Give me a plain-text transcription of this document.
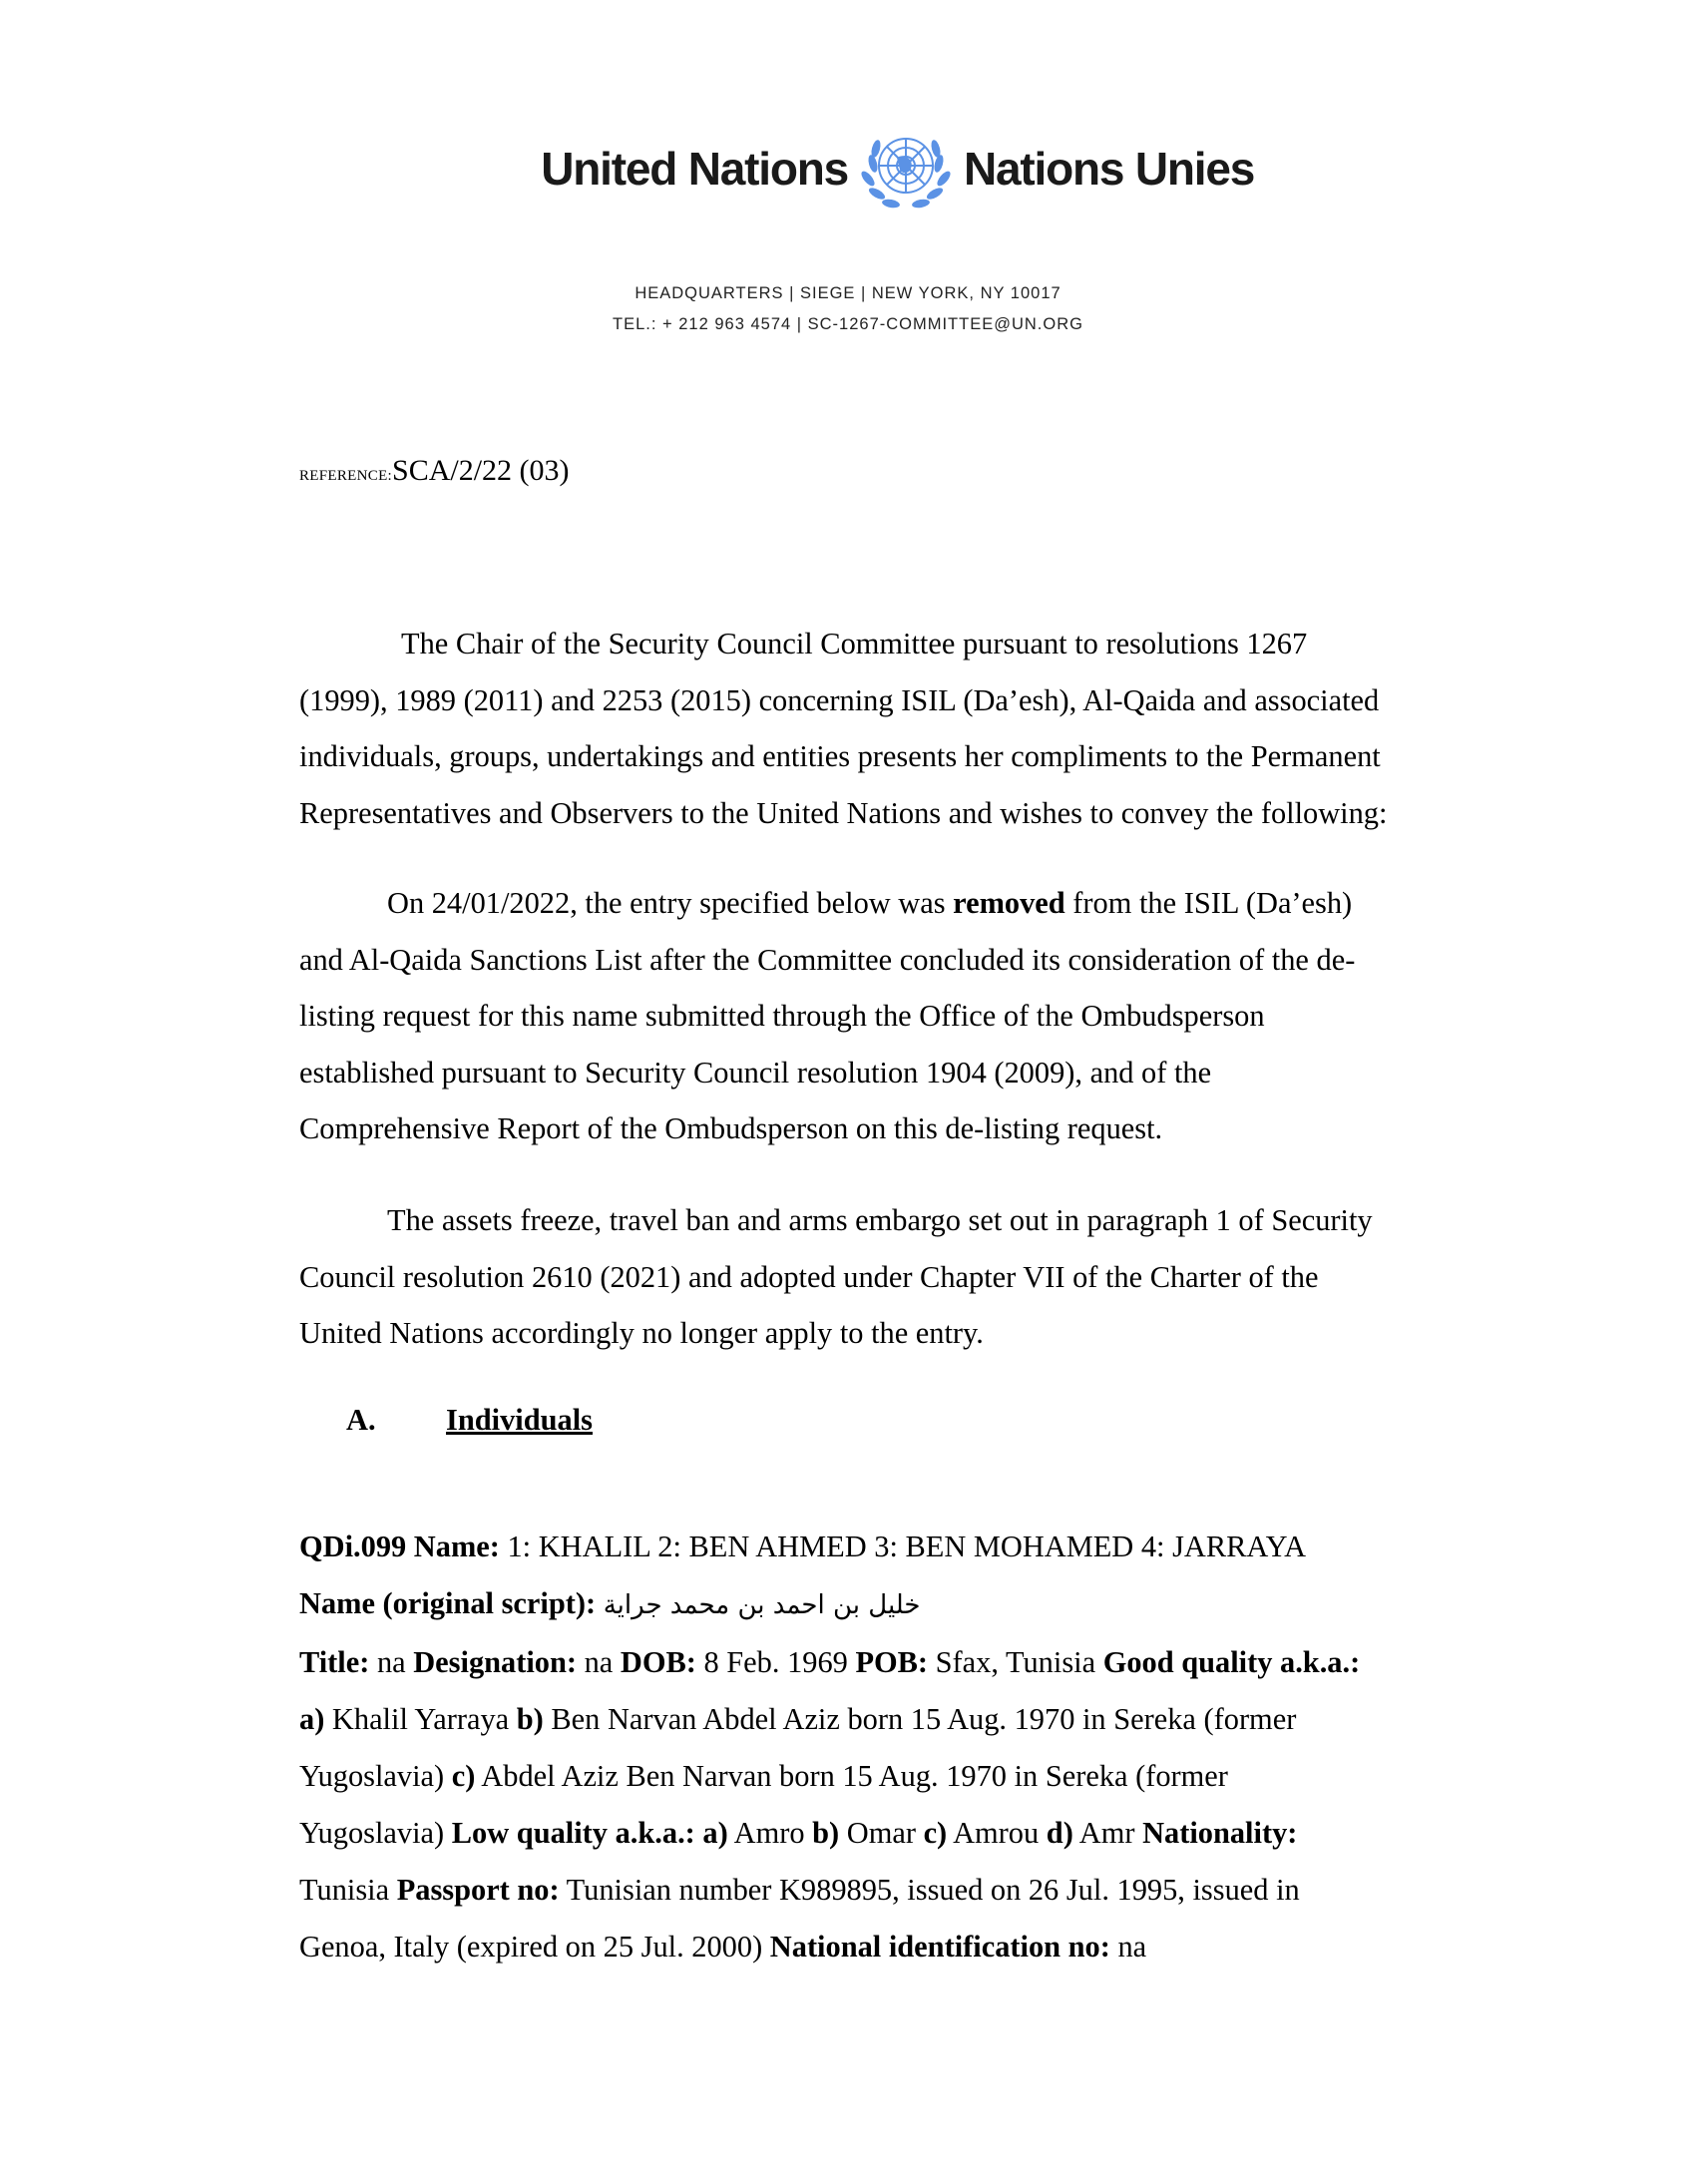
United Nations	Nations Unies
HEADQUARTERS | SIEGE | NEW YORK, NY 10017
TEL.: + 212 963 4574 | SC-1267-COMMITTEE@UN.ORG
REFERENCE:SCA/2/22 (03)
The Chair of the Security Council Committee pursuant to resolutions 1267
(1999), 1989 (2011) and 2253 (2015) concerning ISIL (Da’esh), Al-Qaida and associated
individuals, groups, undertakings and entities presents her compliments to the Permanent
Representatives and Observers to the United Nations and wishes to convey the following:
On 24/01/2022, the entry specified below was removed from the ISIL (Da’esh)
and Al-Qaida Sanctions List after the Committee concluded its consideration of the de-
listing request for this name submitted through the Office of the Ombudsperson
established pursuant to Security Council resolution 1904 (2009), and of the
Comprehensive Report of the Ombudsperson on this de-listing request.
The assets freeze, travel ban and arms embargo set out in paragraph 1 of Security
Council resolution 2610 (2021) and adopted under Chapter VII of the Charter of the
United Nations accordingly no longer apply to the entry.
A. Individuals
QDi.099 Name: 1: KHALIL 2: BEN AHMED 3: BEN MOHAMED 4: JARRAYA
Name (original script): خليل بن احمد بن محمد جراية
Title: na Designation: na DOB: 8 Feb. 1969 POB: Sfax, Tunisia Good quality a.k.a.:
a) Khalil Yarraya b) Ben Narvan Abdel Aziz born 15 Aug. 1970 in Sereka (former
Yugoslavia) c) Abdel Aziz Ben Narvan born 15 Aug. 1970 in Sereka (former
Yugoslavia) Low quality a.k.a.: a) Amro b) Omar c) Amrou d) Amr Nationality:
Tunisia Passport no: Tunisian number K989895, issued on 26 Jul. 1995, issued in
Genoa, Italy (expired on 25 Jul. 2000) National identification no: na
